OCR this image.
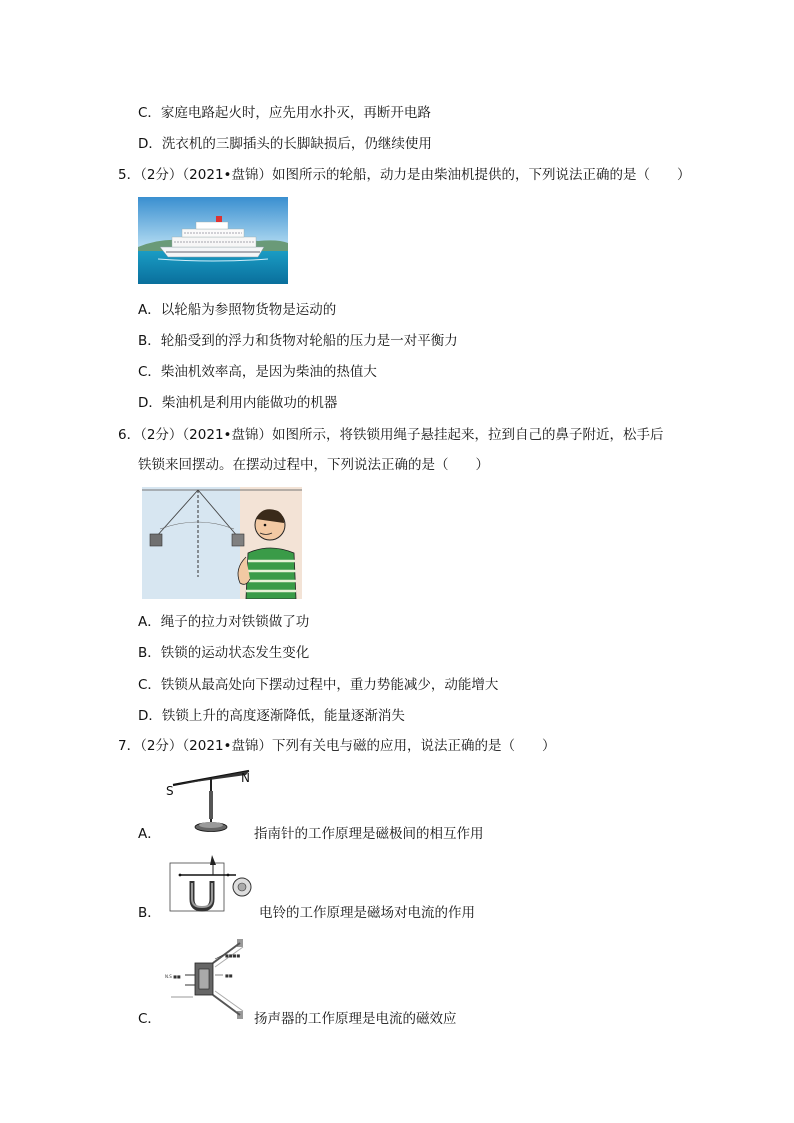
C．家庭电路起火时，应先用水扑灭，再断开电路
D．洗衣机的三脚插头的长脚缺损后，仍继续使用
5．（2分）（2021•盘锦）如图所示的轮船，动力是由柴油机提供的，下列说法正确的是（　　）
A．以轮船为参照物货物是运动的
B．轮船受到的浮力和货物对轮船的压力是一对平衡力
C．柴油机效率高，是因为柴油的热值大
D．柴油机是利用内能做功的机器
6．（2分）（2021•盘锦）如图所示，将铁锁用绳子悬挂起来，拉到自己的鼻子附近，松手后
铁锁来回摆动。在摆动过程中，下列说法正确的是（　　）
A．绳子的拉力对铁锁做了功
B．铁锁的运动状态发生变化
C．铁锁从最高处向下摆动过程中，重力势能减少，动能增大
D．铁锁上升的高度逐渐降低，能量逐渐消失
7．（2分）（2021•盘锦）下列有关电与磁的应用，说法正确的是（　　）
S
N
A．	指南针的工作原理是磁极间的相互作用
B．	电铃的工作原理是磁场对电流的作用
■■■■
■■
N.S ■■
C．	扬声器的工作原理是电流的磁效应
